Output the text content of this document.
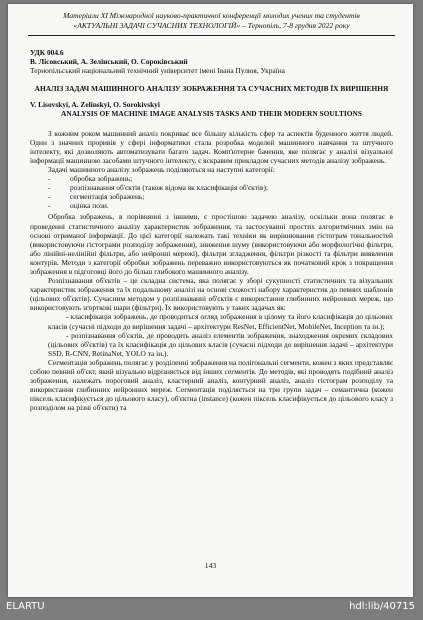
Матеріали ХІ Міжнародної науково-практичної конференції молодих учених та студентів
«АКТУАЛЬНІ ЗАДАЧІ СУЧАСНИХ ТЕХНОЛОГІЙ» – Тернопіль, 7-8 грудня 2022 року
УДК 004.6
В. Лісовський, А. Зелінський, О. Сороківський
Тернопільський національний технічний університет імені Івана Пулюя, Україна
АНАЛІЗ ЗАДАЧ МАШИННОГО АНАЛІЗУ ЗОБРАЖЕННЯ ТА СУЧАСНИХ МЕТОДІВ ЇХ ВИРІШЕННЯ
V. Lisovskyi, A. Zelinskyi, O. Sorokivskyi
ANALYSIS OF MACHINE IMAGE ANALYSIS TASKS AND THEIR MODERN SOULTIONS

З кожним роком машинний аналіз покриває все більшу кількість сфер та аспектів буденного життя людей. Один з значних проривів у сфері інформатики стала розробка моделей машинного навчання та штучного інтелекту, які дозволяють автоматизувати багато задач. Комп'ютерне бачення, яке полягає у аналізі візуальної інформації машинною засобами штучного інтелекту, є яскравим прикладом сучасних методів аналізу зображень.

Задачі машинного аналізу зображень поділяються на наступні категорії:

- обробка зображень;
- розпізнавання об'єктів (також відома як класифікація об'єктів);
- сегментація зображень;
- оцінка пози.

Обробка зображень, в порівнянні з іншими, є простішою задачею аналізу, оскільки вона полягає в проведенні статистичного аналізу характеристик зображення, та застосуванні простих алгоритмічних змін на основі отриманої інформації. До цієї категорії належать такі техніки як вирівнювання гістограм тональностей (використовуючи гістограми розподілу зображення), зниження шуму (використовуючи або морфологічні фільтри, або лінійні-нелінійні фільтри, або нейронні мережі), фільтри згладження, фільтри різкості та фільтри виявлення контурів. Методи з категорії обробки зображень переважно використовуються як початковий крок з покращення зображення в підготовці його до більш глибокого машинного аналізу.

Розпізнавання об'єктів – це складна система, яка полягає у зборі сукупності статистичних та візуальних характеристик зображення та їх подальшому аналізі на основі схожості набору характеристик до певних шаблонів (цільових об'єктів). Сучасним методом у розпізнаванні об'єктів є використання глибинних нейронних мереж, що використовують згорткові шари (фільтри). Їх використовують у таких задачах як:

- класифікація зображень, де проводиться огляд зображення в цілому та його класифікація до цільових класів (сучасні підходи до вирішення задачі – архітектури ResNet, EfficientNet, MobileNet, Inception та ін.);

- розпізнавання об'єктів, де проводить аналіз елементів зображення, знаходження окремих складових (цільових об'єктів) та їх класифікація до цільових класів (сучасні підходи до вирішення задачі – архітектури SSD, R-CNN, RetinaNet, YOLO та ін.).

Сегментація зображень полягає у розділенні зображення на полігональні сегменти, кожен з яких представляє собою певний об'єкт, який візуально відрізняється від інших сегментів. До методів, які проводять подібний аналіз зображення, належать пороговий аналіз, кластерний аналіз, контурний аналіз, аналіз гістограм розподілу та використання глибинних нейронних мереж. Сегментація поділяється на три групи задач – семантична (кожен піксель класифікується до цільового класу), об'єктна (instance) (кожен піксель класифікується до цільового класу з розподілом на різні об'єкти) та

143
ELARTU	hdl:lib/40715
